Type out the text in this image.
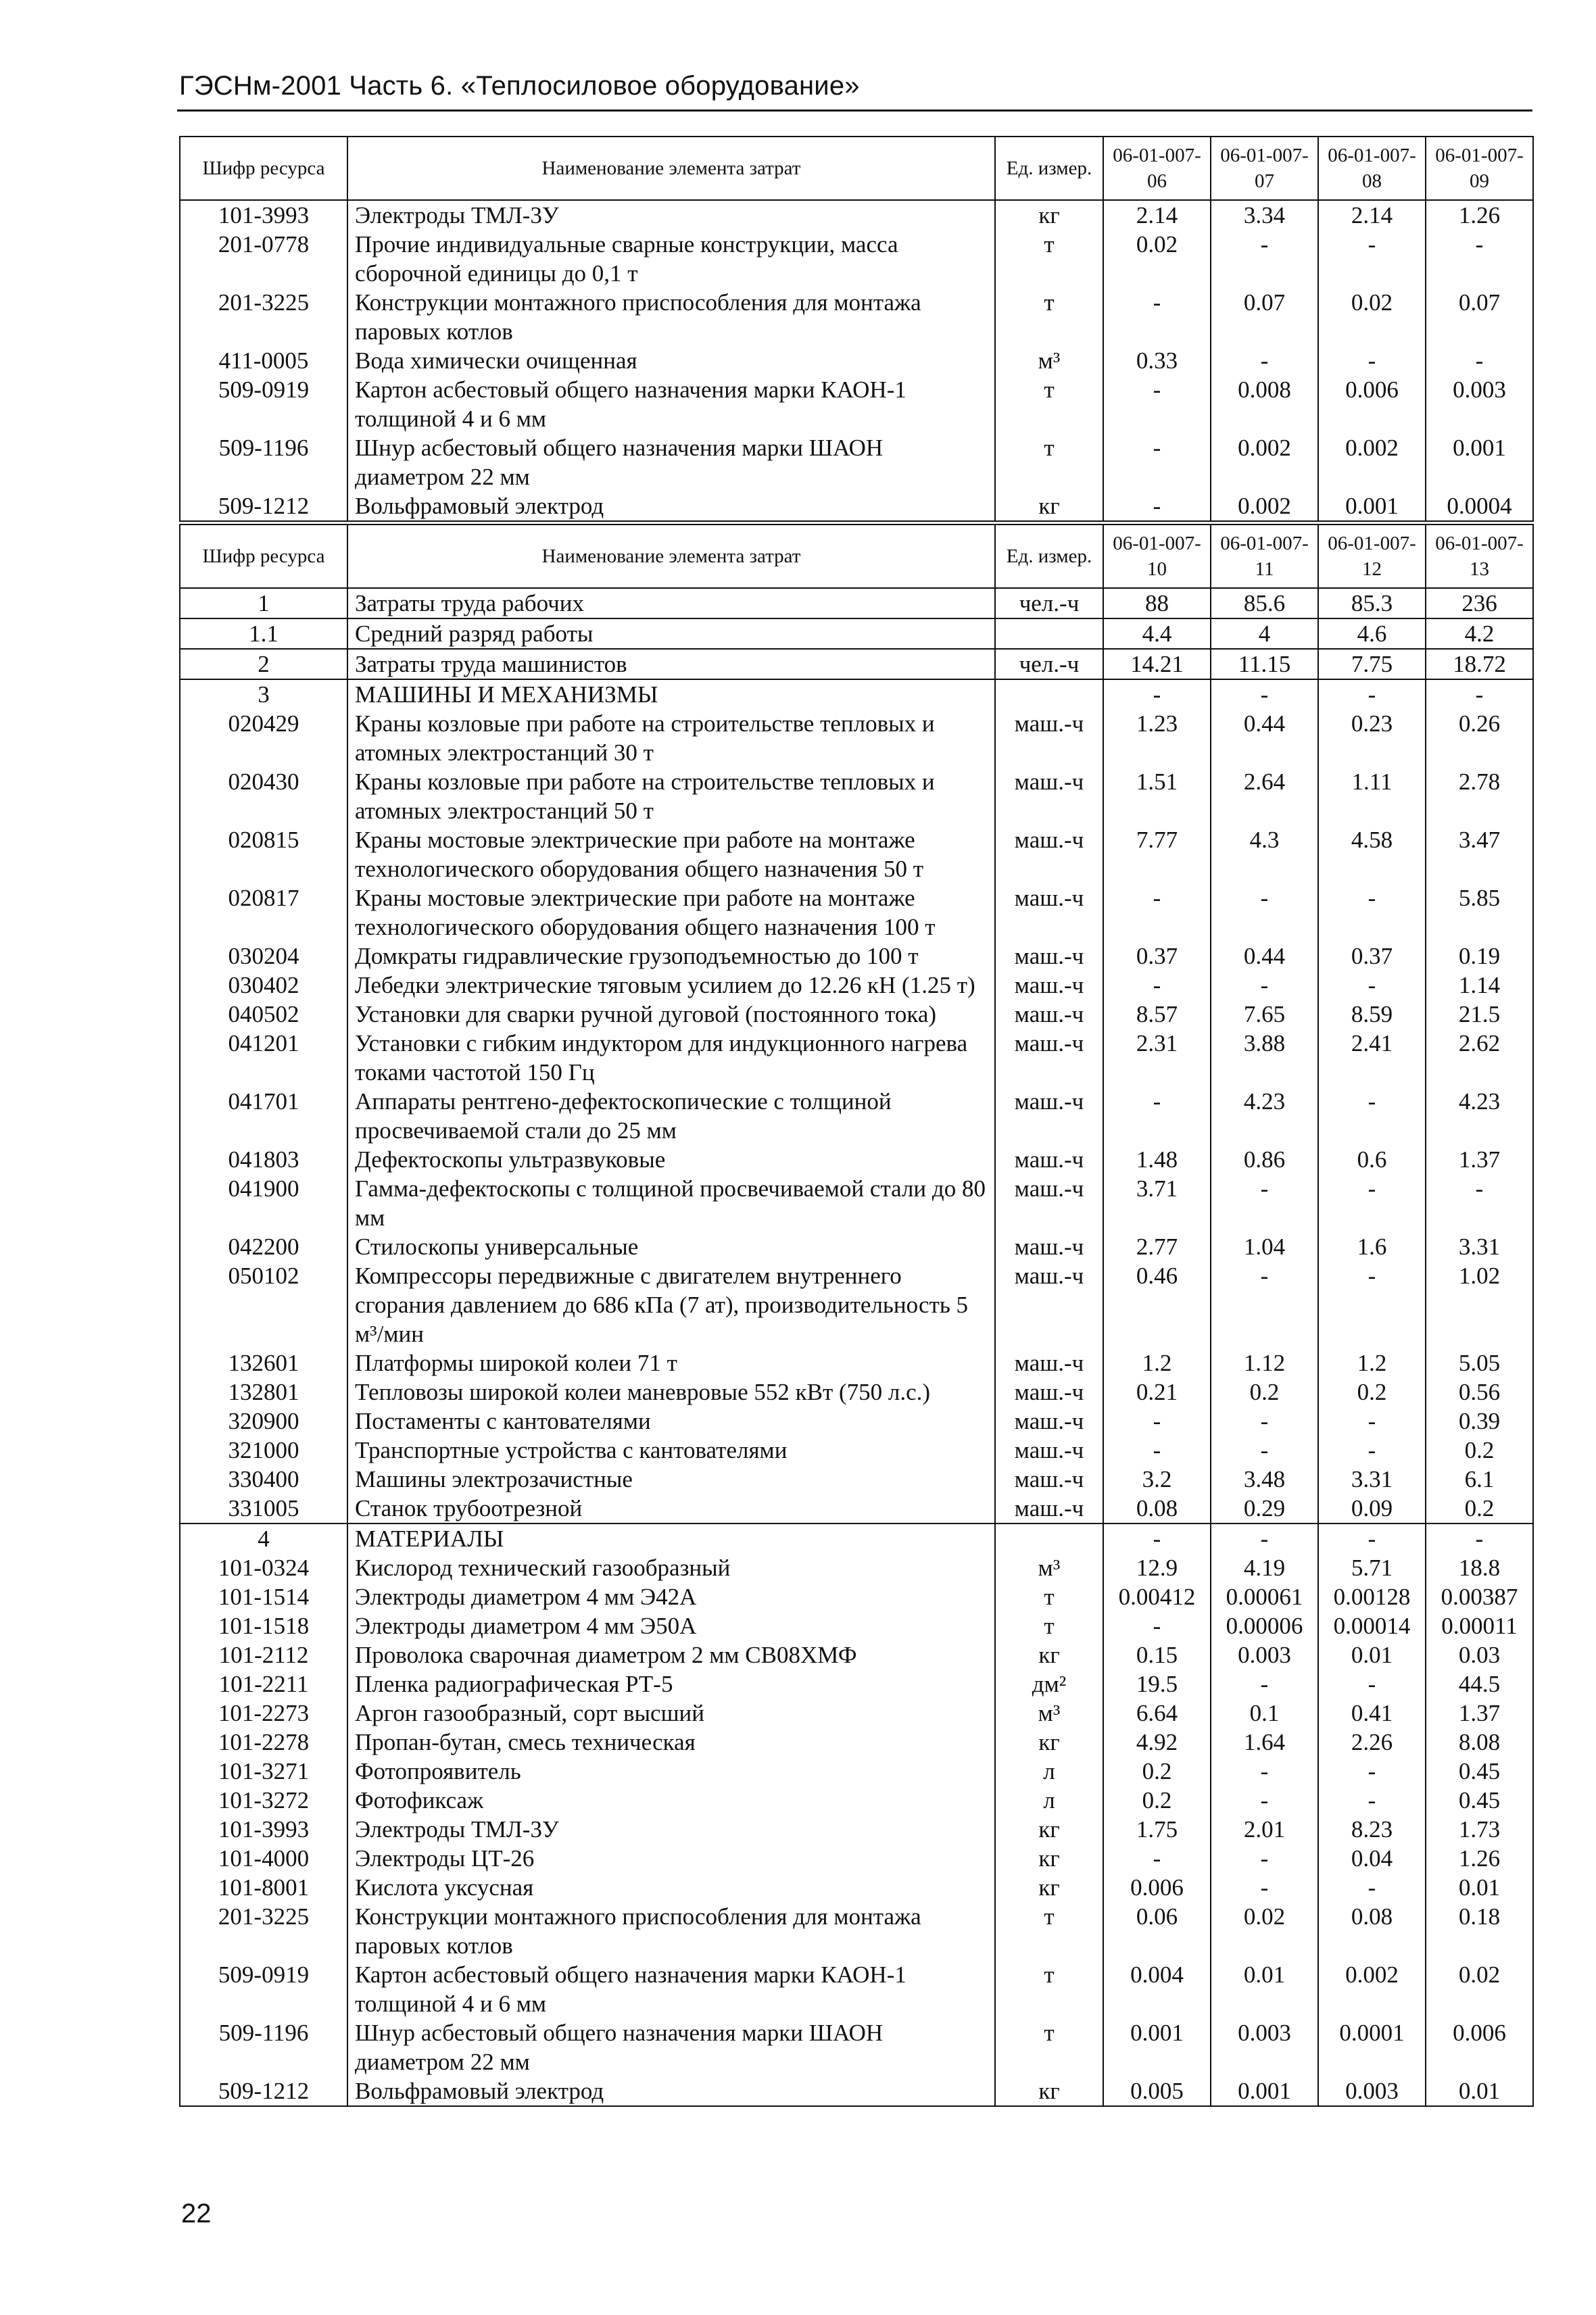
ГЭСНм-2001 Часть 6. «Теплосиловое оборудование»
Шифр ресурса	Наименование элемента затрат	Ед. измер.	06-01-007-06	06-01-007-07	06-01-007-08	06-01-007-09
101-3993	Электроды ТМЛ-3У	кг	2.14	3.34	2.14	1.26
201-0778	Прочие индивидуальные сварные конструкции, масса сборочной единицы до 0,1 т	т	0.02	-	-	-
201-3225	Конструкции монтажного приспособления для монтажа паровых котлов	т	-	0.07	0.02	0.07
411-0005	Вода химически очищенная	м³	0.33	-	-	-
509-0919	Картон асбестовый общего назначения марки КАОН-1 толщиной 4 и 6 мм	т	-	0.008	0.006	0.003
509-1196	Шнур асбестовый общего назначения марки ШАОН диаметром 22 мм	т	-	0.002	0.002	0.001
509-1212	Вольфрамовый электрод	кг	-	0.002	0.001	0.0004
Шифр ресурса	Наименование элемента затрат	Ед. измер.	06-01-007-10	06-01-007-11	06-01-007-12	06-01-007-13
1	Затраты труда рабочих	чел.-ч	88	85.6	85.3	236
1.1	Средний разряд работы		4.4	4	4.6	4.2
2	Затраты труда машинистов	чел.-ч	14.21	11.15	7.75	18.72
3	МАШИНЫ И МЕХАНИЗМЫ		-	-	-	-
020429	Краны козловые при работе на строительстве тепловых и атомных электростанций 30 т	маш.-ч	1.23	0.44	0.23	0.26
020430	Краны козловые при работе на строительстве тепловых и атомных электростанций 50 т	маш.-ч	1.51	2.64	1.11	2.78
020815	Краны мостовые электрические при работе на монтаже технологического оборудования общего назначения 50 т	маш.-ч	7.77	4.3	4.58	3.47
020817	Краны мостовые электрические при работе на монтаже технологического оборудования общего назначения 100 т	маш.-ч	-	-	-	5.85
030204	Домкраты гидравлические грузоподъемностью до 100 т	маш.-ч	0.37	0.44	0.37	0.19
030402	Лебедки электрические тяговым усилием до 12.26 кН (1.25 т)	маш.-ч	-	-	-	1.14
040502	Установки для сварки ручной дуговой (постоянного тока)	маш.-ч	8.57	7.65	8.59	21.5
041201	Установки с гибким индуктором для индукционного нагрева токами частотой 150 Гц	маш.-ч	2.31	3.88	2.41	2.62
041701	Аппараты рентгено-дефектоскопические с толщиной просвечиваемой стали до 25 мм	маш.-ч	-	4.23	-	4.23
041803	Дефектоскопы ультразвуковые	маш.-ч	1.48	0.86	0.6	1.37
041900	Гамма-дефектоскопы с толщиной просвечиваемой стали до 80 мм	маш.-ч	3.71	-	-	-
042200	Стилоскопы универсальные	маш.-ч	2.77	1.04	1.6	3.31
050102	Компрессоры передвижные с двигателем внутреннего сгорания давлением до 686 кПа (7 ат), производительность 5 м³/мин	маш.-ч	0.46	-	-	1.02
132601	Платформы широкой колеи 71 т	маш.-ч	1.2	1.12	1.2	5.05
132801	Тепловозы широкой колеи маневровые 552 кВт (750 л.с.)	маш.-ч	0.21	0.2	0.2	0.56
320900	Постаменты с кантователями	маш.-ч	-	-	-	0.39
321000	Транспортные устройства с кантователями	маш.-ч	-	-	-	0.2
330400	Машины электрозачистные	маш.-ч	3.2	3.48	3.31	6.1
331005	Станок трубоотрезной	маш.-ч	0.08	0.29	0.09	0.2
4	МАТЕРИАЛЫ		-	-	-	-
101-0324	Кислород технический газообразный	м³	12.9	4.19	5.71	18.8
101-1514	Электроды диаметром 4 мм Э42А	т	0.00412	0.00061	0.00128	0.00387
101-1518	Электроды диаметром 4 мм Э50А	т	-	0.00006	0.00014	0.00011
101-2112	Проволока сварочная диаметром 2 мм СВ08ХМФ	кг	0.15	0.003	0.01	0.03
101-2211	Пленка радиографическая РТ-5	дм²	19.5	-	-	44.5
101-2273	Аргон газообразный, сорт высший	м³	6.64	0.1	0.41	1.37
101-2278	Пропан-бутан, смесь техническая	кг	4.92	1.64	2.26	8.08
101-3271	Фотопроявитель	л	0.2	-	-	0.45
101-3272	Фотофиксаж	л	0.2	-	-	0.45
101-3993	Электроды ТМЛ-3У	кг	1.75	2.01	8.23	1.73
101-4000	Электроды ЦТ-26	кг	-	-	0.04	1.26
101-8001	Кислота уксусная	кг	0.006	-	-	0.01
201-3225	Конструкции монтажного приспособления для монтажа паровых котлов	т	0.06	0.02	0.08	0.18
509-0919	Картон асбестовый общего назначения марки КАОН-1 толщиной 4 и 6 мм	т	0.004	0.01	0.002	0.02
509-1196	Шнур асбестовый общего назначения марки ШАОН диаметром 22 мм	т	0.001	0.003	0.0001	0.006
509-1212	Вольфрамовый электрод	кг	0.005	0.001	0.003	0.01
22
